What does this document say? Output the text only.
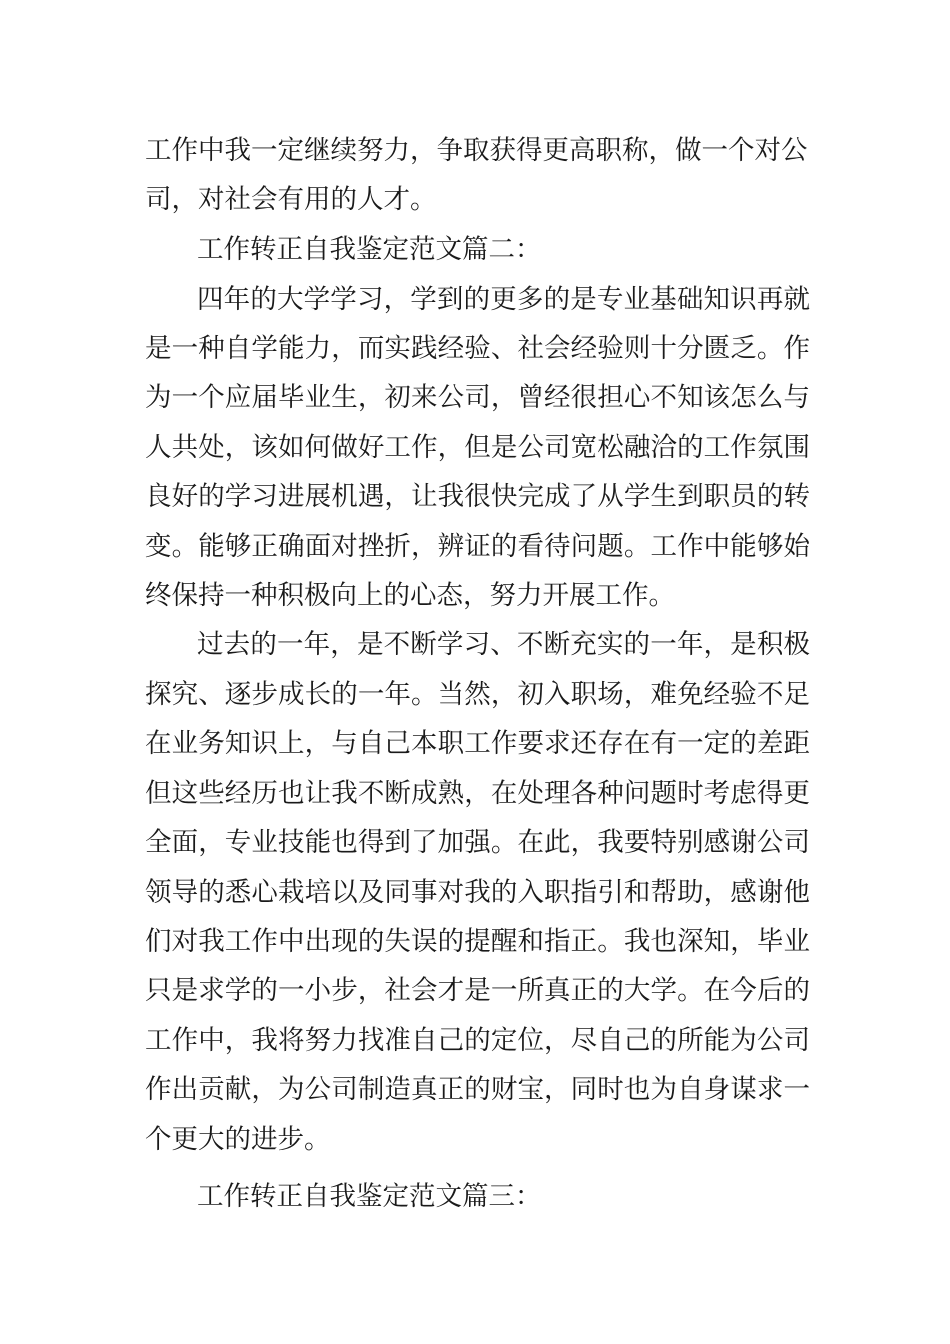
工作中我一定继续努力，争取获得更高职称，做一个对公
司，对社会有用的人才。
工作转正自我鉴定范文篇二：
四年的大学学习，学到的更多的是专业基础知识再就
是一种自学能力，而实践经验、社会经验则十分匮乏。作
为一个应届毕业生，初来公司，曾经很担心不知该怎么与
人共处，该如何做好工作，但是公司宽松融洽的工作氛围
良好的学习进展机遇，让我很快完成了从学生到职员的转
变。能够正确面对挫折，辨证的看待问题。工作中能够始
终保持一种积极向上的心态，努力开展工作。
过去的一年，是不断学习、不断充实的一年，是积极
探究、逐步成长的一年。当然，初入职场，难免经验不足
在业务知识上，与自己本职工作要求还存在有一定的差距
但这些经历也让我不断成熟，在处理各种问题时考虑得更
全面，专业技能也得到了加强。在此，我要特别感谢公司
领导的悉心栽培以及同事对我的入职指引和帮助，感谢他
们对我工作中出现的失误的提醒和指正。我也深知，毕业
只是求学的一小步，社会才是一所真正的大学。在今后的
工作中，我将努力找准自己的定位，尽自己的所能为公司
作出贡献，为公司制造真正的财宝，同时也为自身谋求一
个更大的进步。
工作转正自我鉴定范文篇三：
